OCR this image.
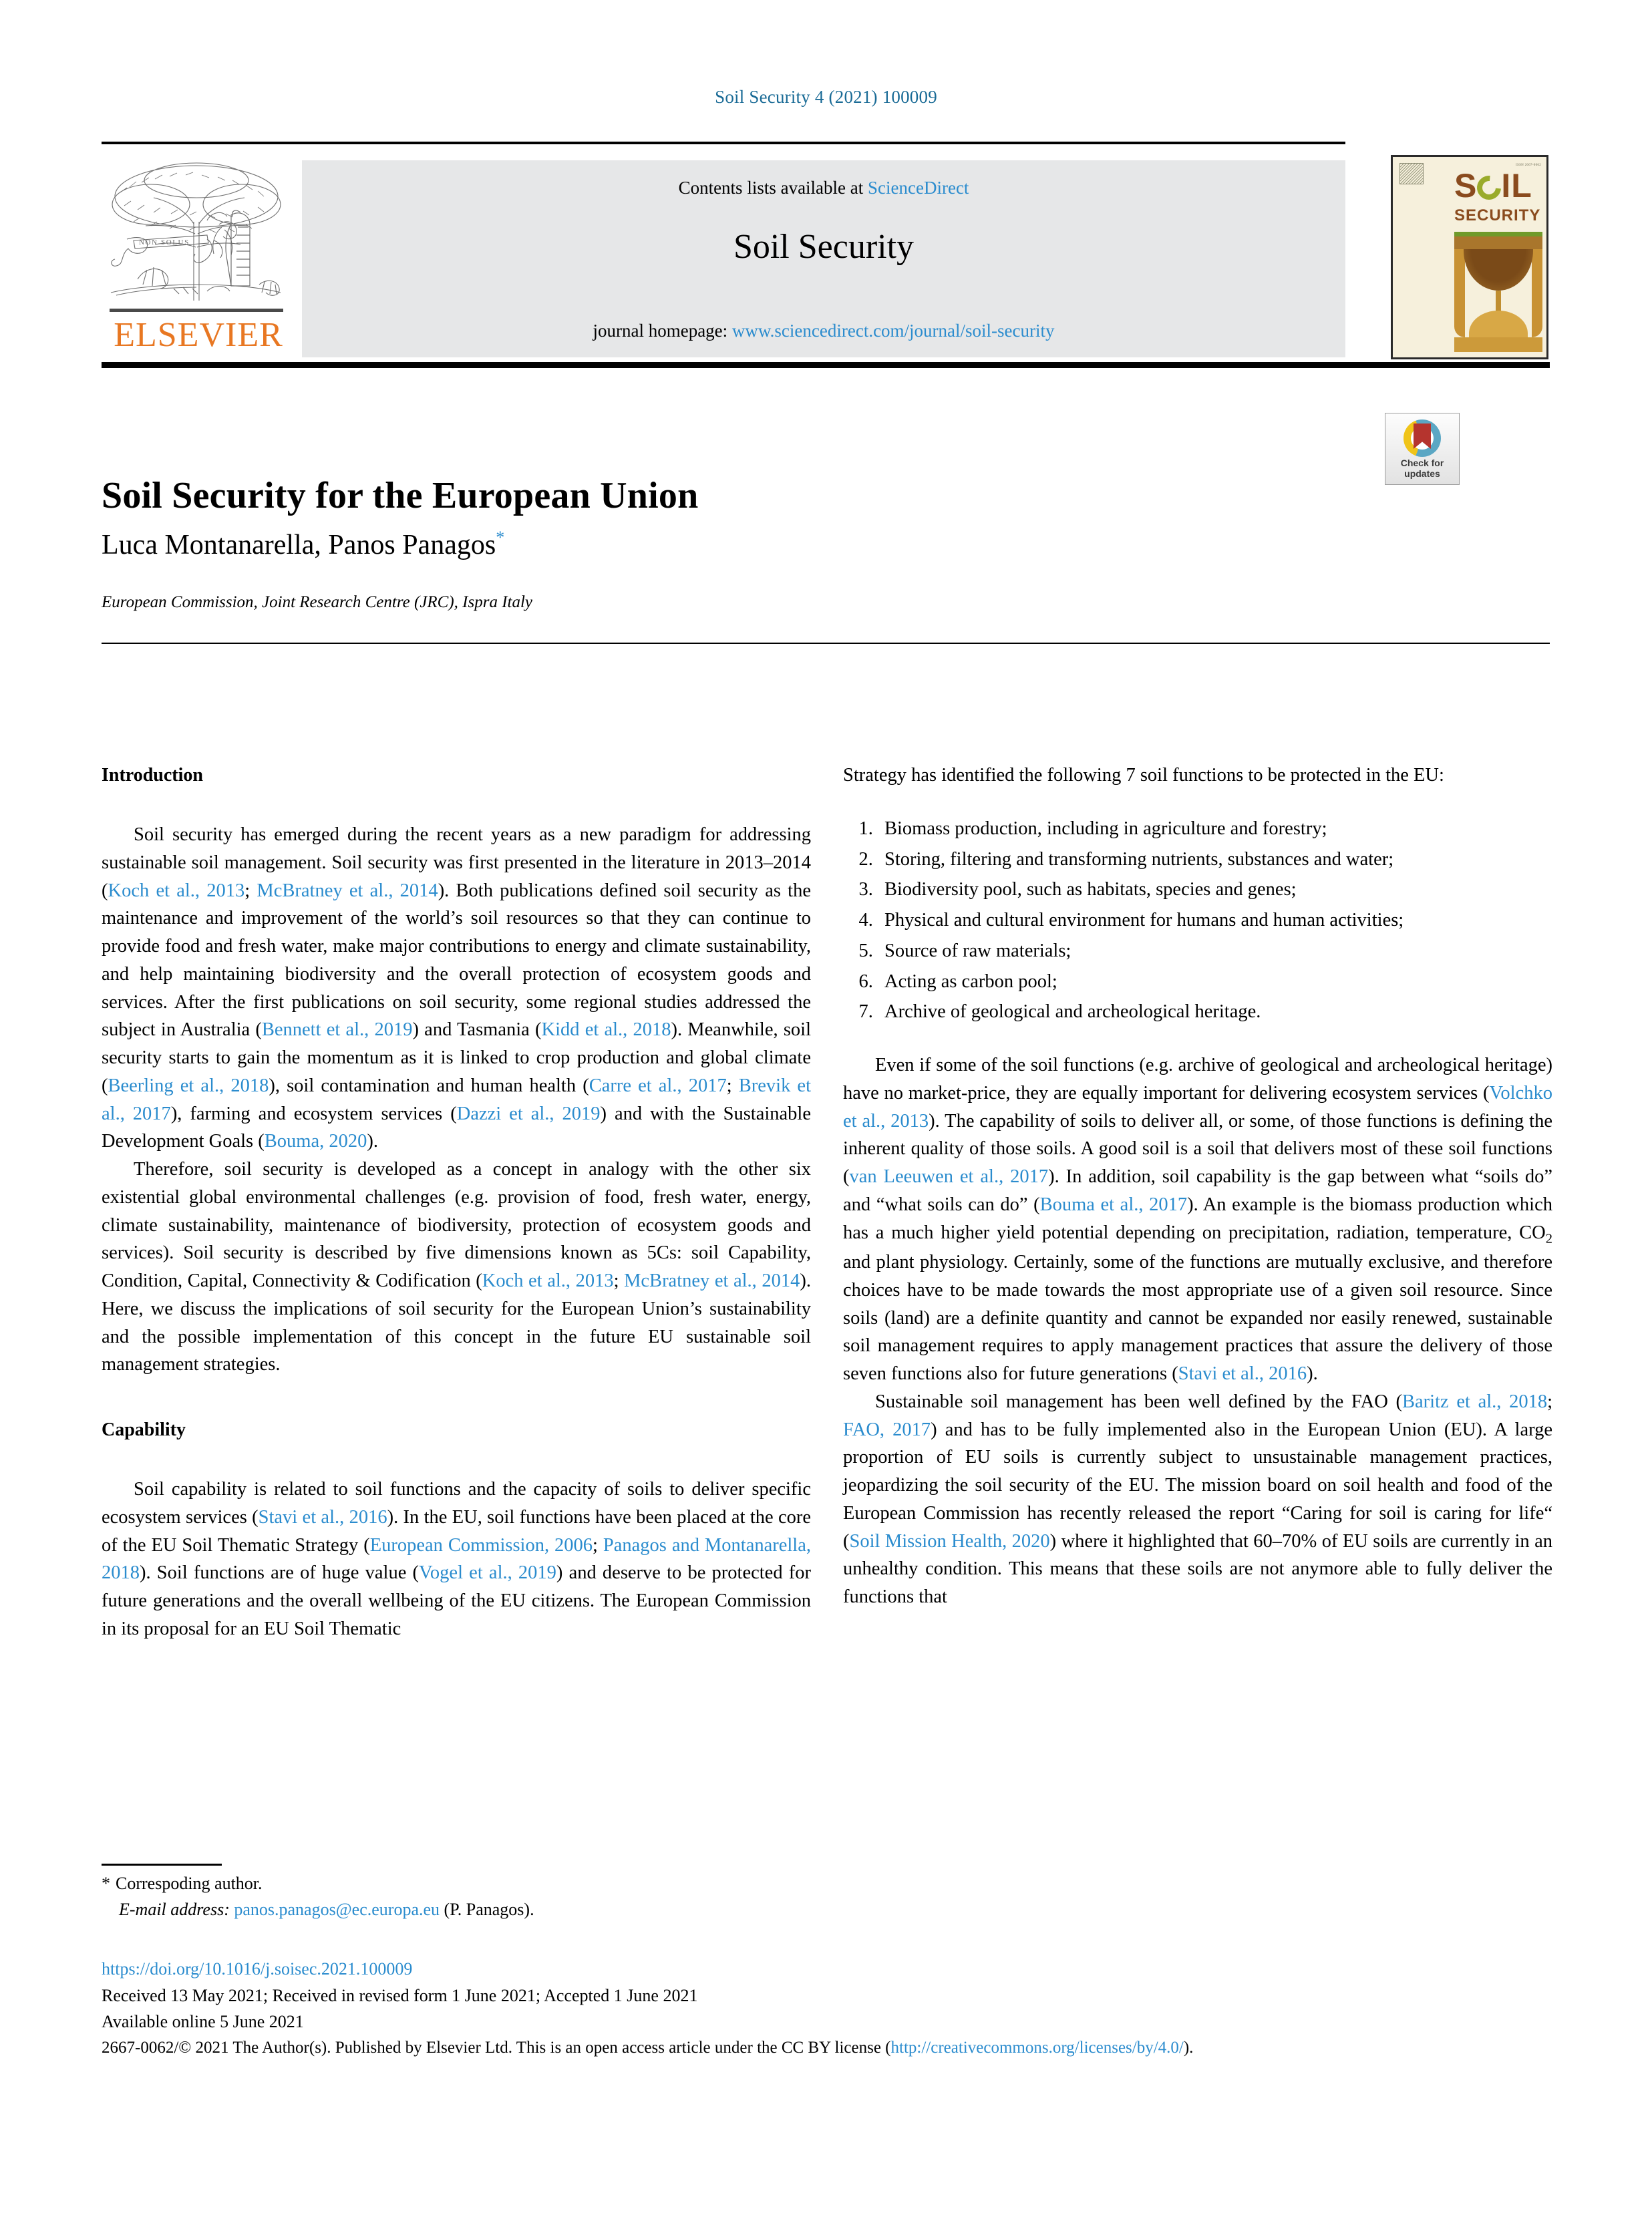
Soil Security 4 (2021) 100009
NON SOLUS
ELSEVIER
Contents lists available at ScienceDirect
Soil Security
journal homepage: www.sciencedirect.com/journal/soil-security
ISSN 2667-0062
S IL
SECURITY
Check for
updates
Soil Security for the European Union
Luca Montanarella, Panos Panagos*
European Commission, Joint Research Centre (JRC), Ispra Italy
Introduction

Soil security has emerged during the recent years as a new paradigm for addressing sustainable soil management. Soil security was first presented in the literature in 2013–2014 (Koch et al., 2013; McBratney et al., 2014). Both publications defined soil security as the maintenance and improvement of the world’s soil resources so that they can continue to provide food and fresh water, make major contributions to energy and climate sustainability, and help maintaining biodiversity and the overall protection of ecosystem goods and services. After the first publications on soil security, some regional studies addressed the subject in Australia (Bennett et al., 2019) and Tasmania (Kidd et al., 2018). Meanwhile, soil security starts to gain the momentum as it is linked to crop production and global climate (Beerling et al., 2018), soil contamination and human health (Carre et al., 2017; Brevik et al., 2017), farming and ecosystem services (Dazzi et al., 2019) and with the Sustainable Development Goals (Bouma, 2020).

Therefore, soil security is developed as a concept in analogy with the other six existential global environmental challenges (e.g. provision of food, fresh water, energy, climate sustainability, maintenance of biodiversity, protection of ecosystem goods and services). Soil security is described by five dimensions known as 5Cs: soil Capability, Condition, Capital, Connectivity & Codification (Koch et al., 2013; McBratney et al., 2014). Here, we discuss the implications of soil security for the European Union’s sustainability and the possible implementation of this concept in the future EU sustainable soil management strategies.

Capability

Soil capability is related to soil functions and the capacity of soils to deliver specific ecosystem services (Stavi et al., 2016). In the EU, soil functions have been placed at the core of the EU Soil Thematic Strategy (European Commission, 2006; Panagos and Montanarella, 2018). Soil functions are of huge value (Vogel et al., 2019) and deserve to be protected for future generations and the overall wellbeing of the EU citizens. The European Commission in its proposal for an EU Soil Thematic

Strategy has identified the following 7 soil functions to be protected in the EU:

1. Biomass production, including in agriculture and forestry;
2. Storing, filtering and transforming nutrients, substances and water;
3. Biodiversity pool, such as habitats, species and genes;
4. Physical and cultural environment for humans and human activities;
5. Source of raw materials;
6. Acting as carbon pool;
7. Archive of geological and archeological heritage.

Even if some of the soil functions (e.g. archive of geological and archeological heritage) have no market-price, they are equally important for delivering ecosystem services (Volchko et al., 2013). The capability of soils to deliver all, or some, of those functions is defining the inherent quality of those soils. A good soil is a soil that delivers most of these soil functions (van Leeuwen et al., 2017). In addition, soil capability is the gap between what “soils do” and “what soils can do” (Bouma et al., 2017). An example is the biomass production which has a much higher yield potential depending on precipitation, radiation, temperature, $CO_2$ and plant physiology. Certainly, some of the functions are mutually exclusive, and therefore choices have to be made towards the most appropriate use of a given soil resource. Since soils (land) are a definite quantity and cannot be expanded nor easily renewed, sustainable soil management requires to apply management practices that assure the delivery of those seven functions also for future generations (Stavi et al., 2016).

Sustainable soil management has been well defined by the FAO (Baritz et al., 2018; FAO, 2017) and has to be fully implemented also in the European Union (EU). A large proportion of EU soils is currently subject to unsustainable management practices, jeopardizing the soil security of the EU. The mission board on soil health and food of the European Commission has recently released the report “Caring for soil is caring for life“ (Soil Mission Health, 2020) where it highlighted that 60–70% of EU soils are currently in an unhealthy condition. This means that these soils are not anymore able to fully deliver the functions that

* Correspoding author.
E-mail address: panos.panagos@ec.europa.eu (P. Panagos).
https://doi.org/10.1016/j.soisec.2021.100009
Received 13 May 2021; Received in revised form 1 June 2021; Accepted 1 June 2021
Available online 5 June 2021
2667-0062/© 2021 The Author(s). Published by Elsevier Ltd. This is an open access article under the CC BY license (http://creativecommons.org/licenses/by/4.0/).
